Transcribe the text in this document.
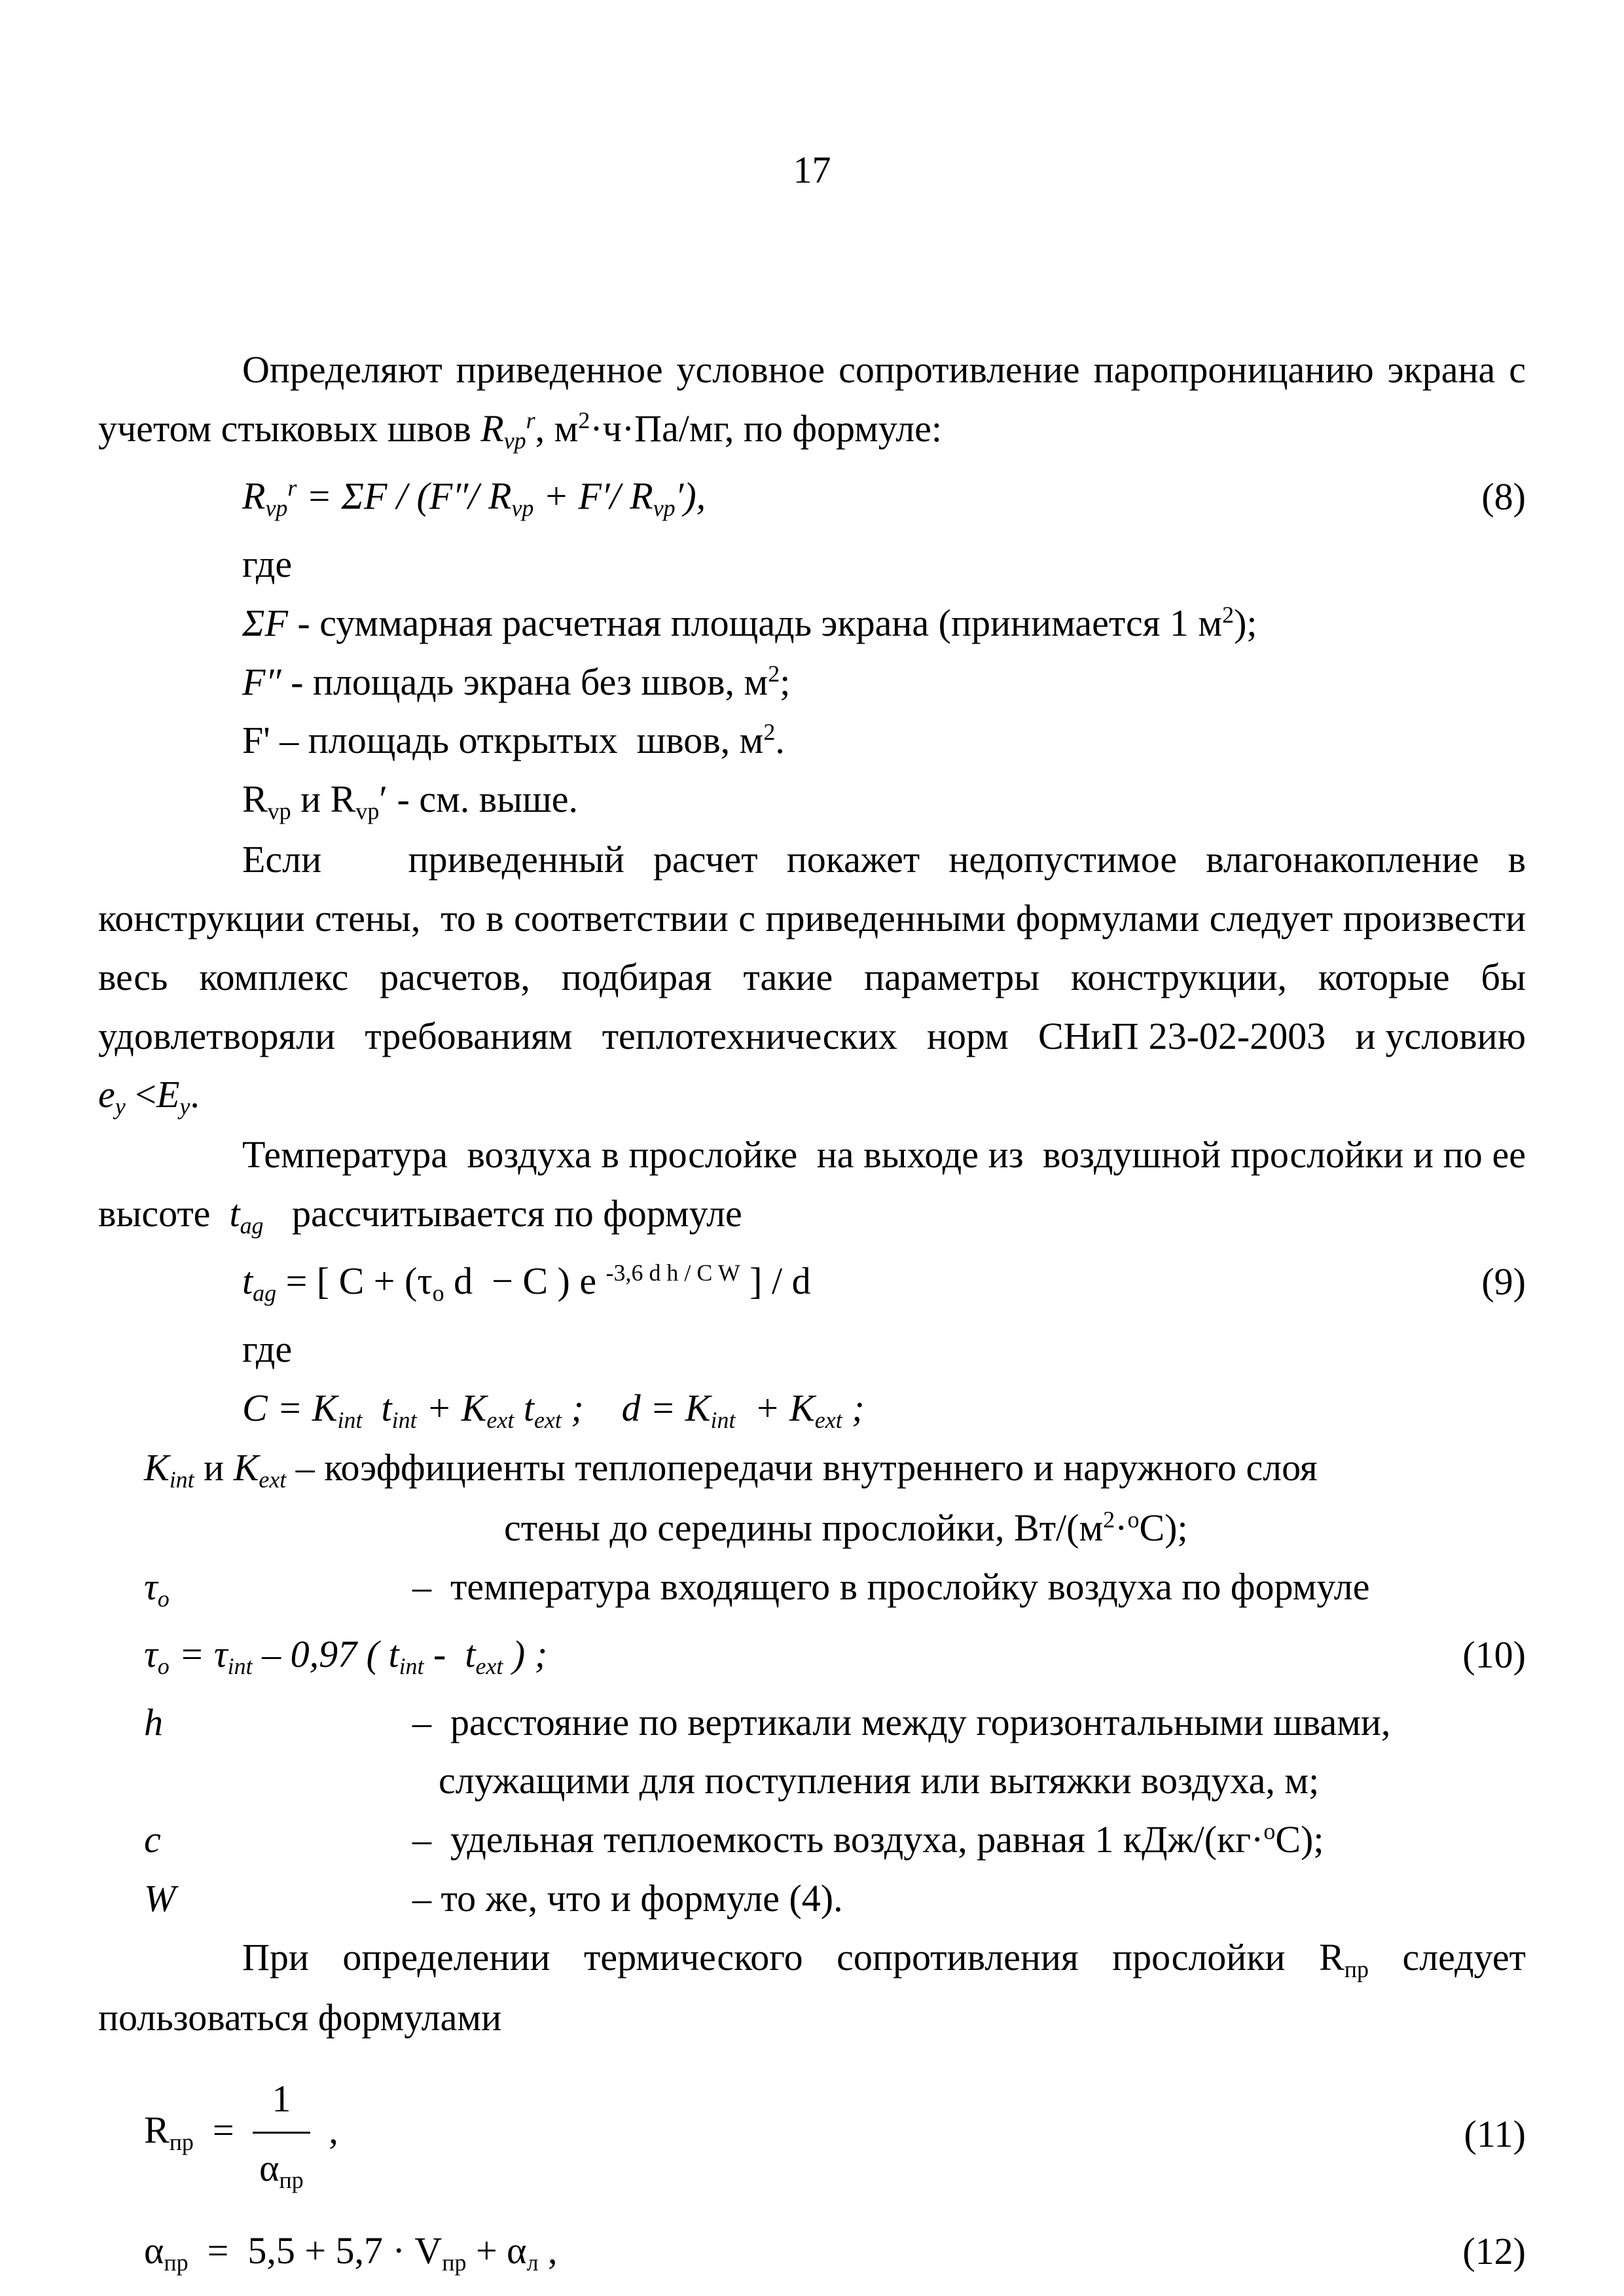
17

Определяют приведенное условное сопротивление паропроницанию экрана с учетом стыковых швов $R_{vp}^r$, $м^2\cdot ч\cdot Па/мг$, по формуле:

$R_{vp}^r = \Sigma F / (F''/$ $R_{vp} + F'/$ $R_{vp}'$),	(8)

где

ΣF - суммарная расчетная площадь экрана (принимается 1 $м^2$);

F″ - площадь экрана без швов, $м^2$;

F' – площадь открытых  швов, $м^2$.

$R_{vp}$ и $R_{vp}'$ - см. выше.

Если   приведенный расчет покажет недопустимое влагонакопление в конструкции стены,  то в соответствии с приведенными формулами следует произвести весь комплекс расчетов, подбирая такие параметры конструкции, которые бы удовлетворяли   требованиям   теплотехнических   норм   СНиП 23-02-2003   и условию $e_y <E_y$.

Температура  воздуха в прослойке  на выходе из  воздушной прослойки и по ее высоте  $t_{ag}$   рассчитывается по формуле

$t_{ag}$ = [ $C + (\tau_о$ d  − C ) e $^{-3,6 d h / C W}$ ] / d	(9)

где

$C = K_{int}$  $t_{int} + K_{ext}$ $t_{ext}$ ;    $d = K_{int} + K_{ext}$ ;

$K_{int}$ и $K_{ext}$ – коэффициенты теплопередачи внутреннего и наружного слоя

стены до середины прослойки, $Вт/(м^2\cdot^оС)$;

$\tau_о$	–  температура входящего в прослойку воздуха по формуле
$\tau_о = \tau_{int} - 0,97$ ( $t_{int} - t_{ext}$ ) ;	(10)
h	–  расстояние по вертикали между горизонтальными швами,

служащими для поступления или вытяжки воздуха, м;

c	–  удельная теплоемкость воздуха, равная 1 кДж/(кг·$^о$С);
W	– то же, что и формуле (4).

При  определении  термического  сопротивления  прослойки  $R_{пр}$  следует пользоваться формулами

$R_{пр} = \frac{1}{\alpha_{пр}}$ ,	(11)
$\alpha_{пр} = 5,5 + 5,7 \cdot V_{пр} + \alpha_л$ ,	(12)
